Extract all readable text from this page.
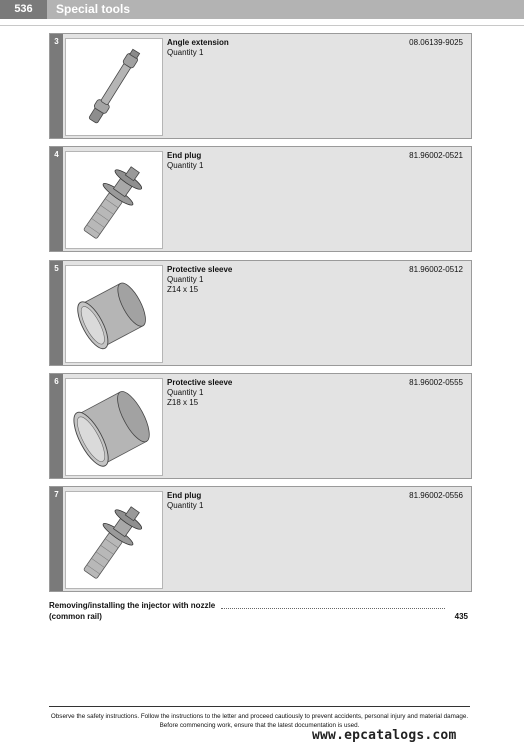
536	Special tools
3	Angle extension
Quantity 1
08.06139-9025
4	End plug
Quantity 1
81.96002-0521
5	Protective sleeve
Quantity 1
Z14 x 15
81.96002-0512
6	Protective sleeve
Quantity 1
Z18 x 15
81.96002-0555
7	End plug
Quantity 1
81.96002-0556
Removing/installing the injector with nozzle (common rail)	435
Observe the safety instructions. Follow the instructions to the letter and proceed cautiously to prevent accidents, personal injury and material damage. Before commencing work, ensure that the latest documentation is used.
www.epcatalogs.com
